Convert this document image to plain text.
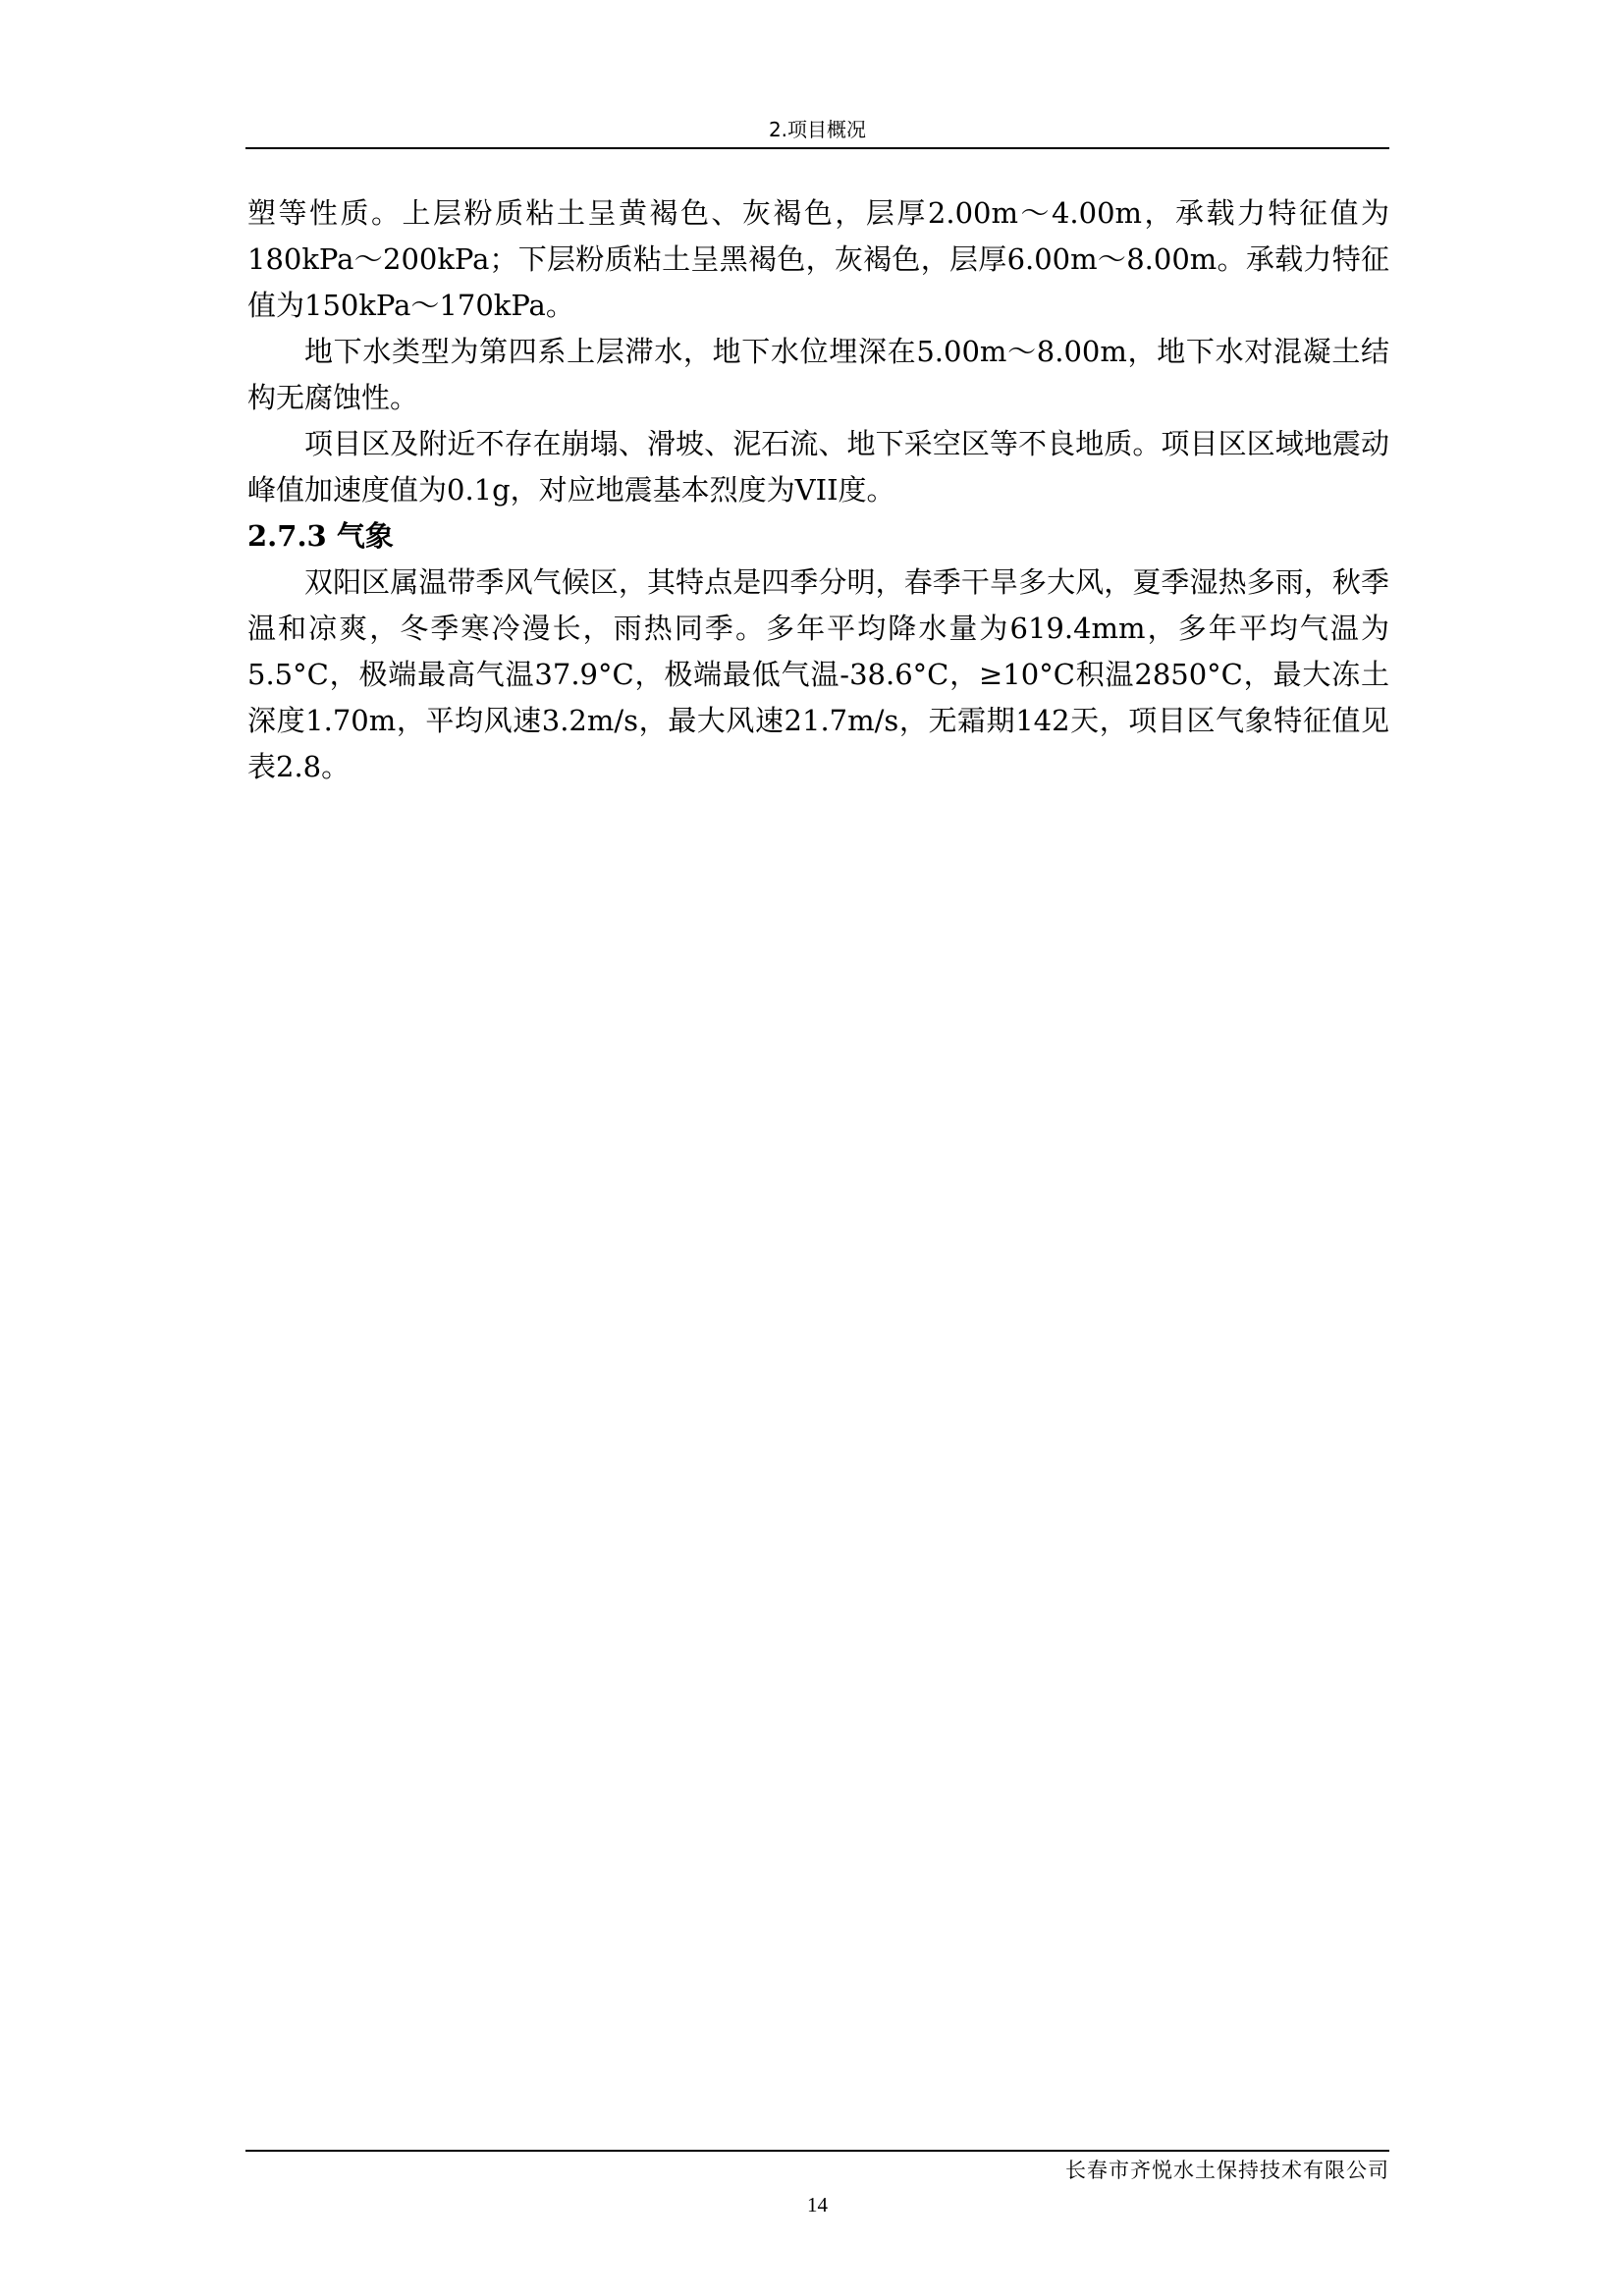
2.项目概况

塑等性质。上层粉质粘土呈黄褐色、灰褐色，层厚2.00m～4.00m，承载力特征值为180kPa～200kPa；下层粉质粘土呈黑褐色，灰褐色，层厚6.00m～8.00m。承载力特征值为150kPa～170kPa。

地下水类型为第四系上层滞水，地下水位埋深在5.00m～8.00m，地下水对混凝土结构无腐蚀性。

项目区及附近不存在崩塌、滑坡、泥石流、地下采空区等不良地质。项目区区域地震动峰值加速度值为0.1g，对应地震基本烈度为VII度。

2.7.3 气象

双阳区属温带季风气候区，其特点是四季分明，春季干旱多大风，夏季湿热多雨，秋季温和凉爽，冬季寒冷漫长，雨热同季。多年平均降水量为619.4mm，多年平均气温为5.5°C，极端最高气温37.9°C，极端最低气温-38.6°C，≥10°C积温2850°C，最大冻土深度1.70m，平均风速3.2m/s，最大风速21.7m/s，无霜期142天，项目区气象特征值见表2.8。

长春市齐悦水土保持技术有限公司
14
